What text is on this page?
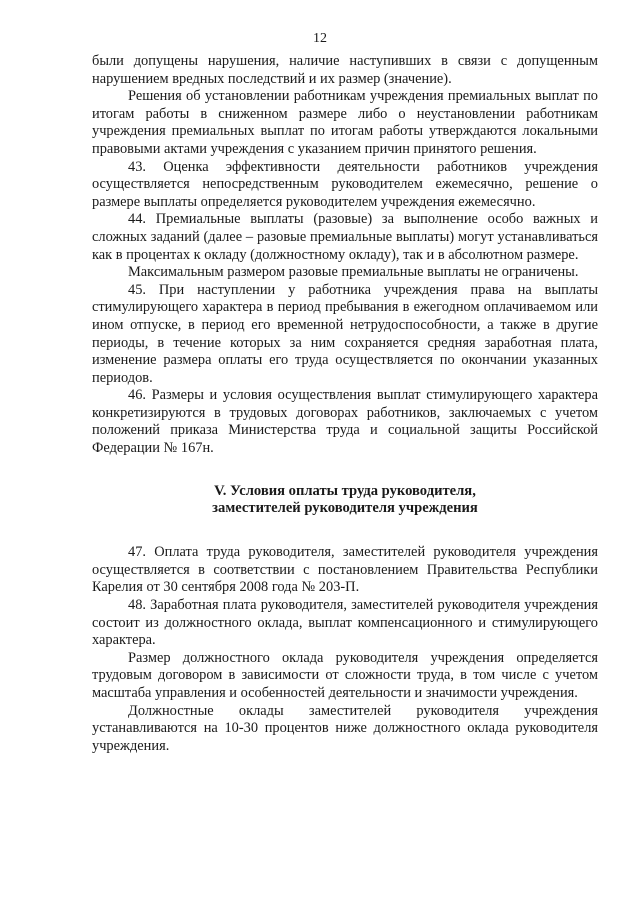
12

были допущены нарушения, наличие наступивших в связи с допущенным нарушением вредных последствий и их размер (значение).

Решения об установлении работникам учреждения премиальных выплат по итогам работы в сниженном размере либо о неустановлении работникам учреждения премиальных выплат по итогам работы утверждаются локальными правовыми актами учреждения с указанием причин принятого решения.

43. Оценка эффективности деятельности работников учреждения осуществляется непосредственным руководителем ежемесячно, решение о размере выплаты определяется руководителем учреждения ежемесячно.

44. Премиальные выплаты (разовые) за выполнение особо важных и сложных заданий (далее – разовые премиальные выплаты) могут устанавливаться как в процентах к окладу (должностному окладу), так и в абсолютном размере.

Максимальным размером разовые премиальные выплаты не ограничены.

45. При наступлении у работника учреждения права на выплаты стимулирующего характера в период пребывания в ежегодном оплачиваемом или ином отпуске, в период его временной нетрудоспособности, а также в другие периоды, в течение которых за ним сохраняется средняя заработная плата, изменение размера оплаты его труда осуществляется по окончании указанных периодов.

46. Размеры и условия осуществления выплат стимулирующего характера конкретизируются в трудовых договорах работников, заключаемых с учетом положений приказа Министерства труда и социальной защиты Российской Федерации № 167н.

V. Условия оплаты труда руководителя,
заместителей руководителя учреждения

47. Оплата труда руководителя, заместителей руководителя учреждения осуществляется в соответствии с постановлением Правительства Республики Карелия от 30 сентября 2008 года № 203-П.

48. Заработная плата руководителя, заместителей руководителя учреждения состоит из должностного оклада, выплат компенсационного и стимулирующего характера.

Размер должностного оклада руководителя учреждения определяется трудовым договором в зависимости от сложности труда, в том числе с учетом масштаба управления и особенностей деятельности и значимости учреждения.

Должностные оклады заместителей руководителя учреждения устанавливаются на 10-30 процентов ниже должностного оклада руководителя учреждения.
